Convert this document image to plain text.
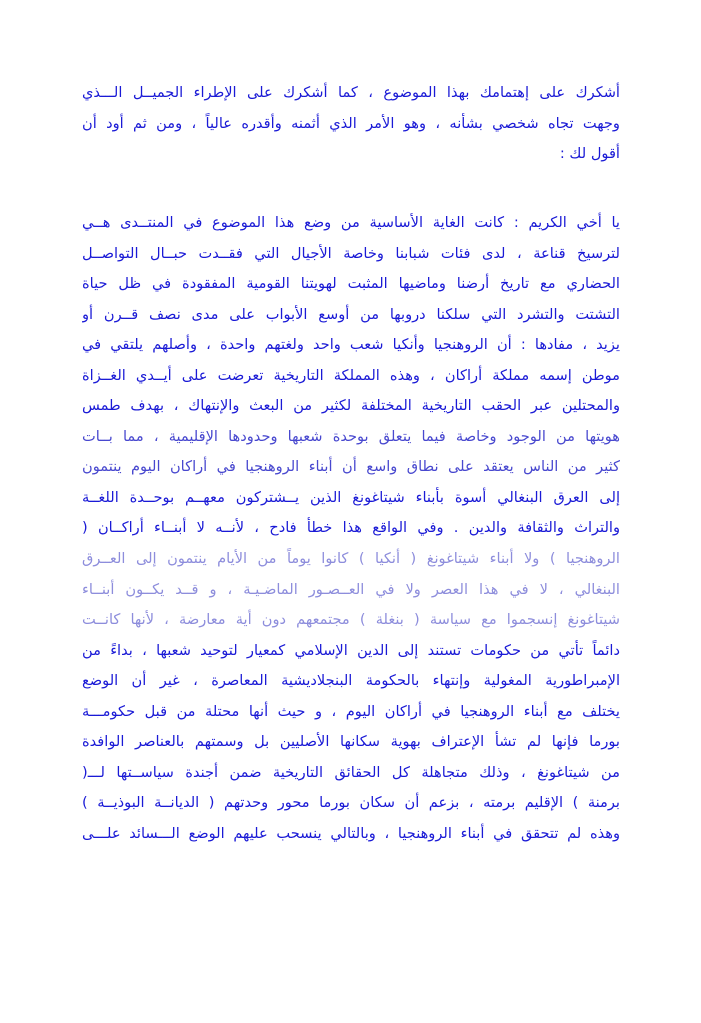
أشكرك على إهتمامك بهذا الموضوع ، كما أشكرك على الإطراء الجميــل الـــذي
وجهت تجاه شخصي بشأنه ، وهو الأمر الذي أثمنه وأقدره عالياً ، ومن ثم أود أن
أقول لك :
يا أخي الكريم : كانت الغاية الأساسية من وضع هذا الموضوع في المنتــدى هــي
لترسيخ قناعة ، لدى فئات شبابنا وخاصة الأجيال التي فقــدت حبــال التواصــل
الحضاري مع تاريخ أرضنا وماضيها المثبت لهويتنا القومية المفقودة في ظل حياة
التشتت والتشرد التي سلكنا دروبها من أوسع الأبواب على مدى نصف قــرن أو
يزيد ، مفادها : أن الروهنجيا وأنكيا شعب واحد ولغتهم واحدة ، وأصلهم يلتقي في
موطن إسمه مملكة أراكان ، وهذه المملكة التاريخية تعرضت على أيــدي الغــزاة
والمحتلين عبر الحقب التاريخية المختلفة لكثير من البعث والإنتهاك ، بهدف طمس
هويتها من الوجود وخاصة فيما يتعلق بوحدة شعبها وحدودها الإقليمية ، مما بــات
كثير من الناس يعتقد على نطاق واسع أن أبناء الروهنجيا في أراكان اليوم ينتمون
إلى العرق البنغالي أسوة بأبناء شيتاغونغ الذين يــشتركون معهــم بوحــدة اللغــة
والتراث والثقافة والدين . وفي الواقع هذا خطأ فادح ، لأنــه لا أبنــاء أراكــان (
الروهنجيا ) ولا أبناء شيتاغونغ ( أنكيا ) كانوا يوماً من الأيام ينتمون إلى العــرق
البنغالي ، لا في هذا العصر ولا في العــصـور الماضـيـة ، و قــد يكــون أبنــاء
شيتاغونغ إنسجموا مع سياسة ( بنغلة ) مجتمعهم دون أية معارضة ، لأنها كانــت
دائماً تأتي من حكومات تستند إلى الدين الإسلامي كمعيار لتوحيد شعبها ، بداءً من
الإمبراطورية المغولية وإنتهاء بالحكومة البنجلاديشية المعاصرة ، غير أن الوضع
يختلف مع أبناء الروهنجيا في أراكان اليوم ، و حيث أنها محتلة من قبل حكومـــة
بورما فإنها لم تشأ الإعتراف بهوية سكانها الأصليين بل وسمتهم بالعناصر الوافدة
من شيتاغونغ ، وذلك متجاهلة كل الحقائق التاريخية ضمن أجندة سياســتها لـــ(
برمنة ) الإقليم برمته ، بزعم أن سكان بورما محور وحدتهم ( الديانــة البوذيــة )
وهذه لم تتحقق في أبناء الروهنجيا ، وبالتالي ينسحب عليهم الوضع الـــسائد علـــى
